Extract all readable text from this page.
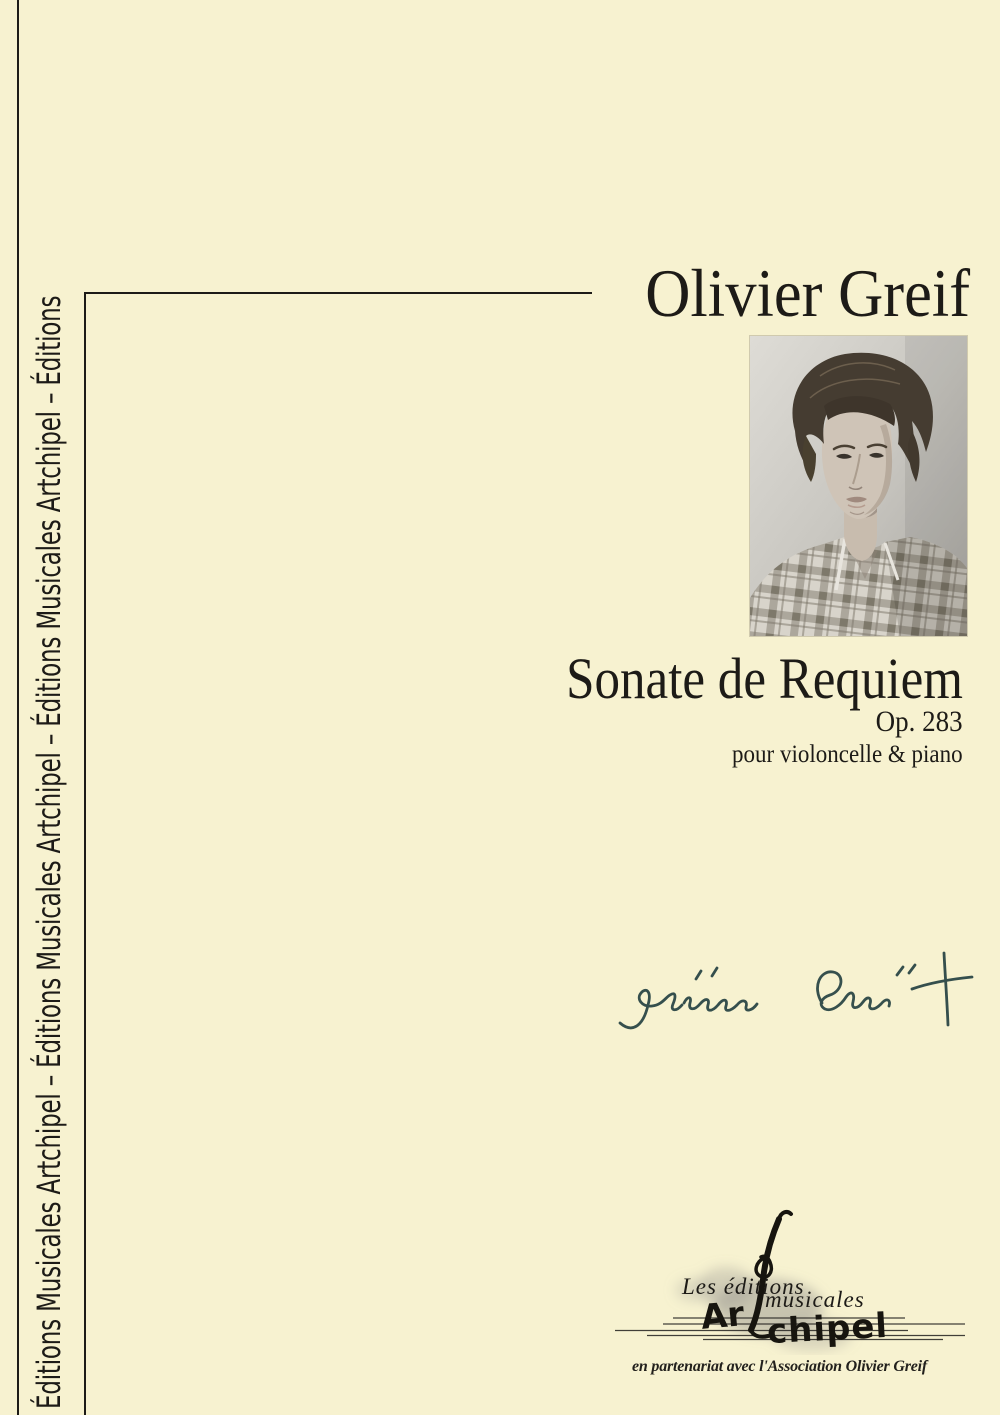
Éditions Musicales Artchipel – Éditions Musicales Artchipel – Éditions Musicales Artchipel – Éditions
Olivier Greif
Sonate de Requiem
Op. 283
pour violoncelle & piano
Les éditions
musicales
Ar chipel
en partenariat avec l'Association Olivier Greif
